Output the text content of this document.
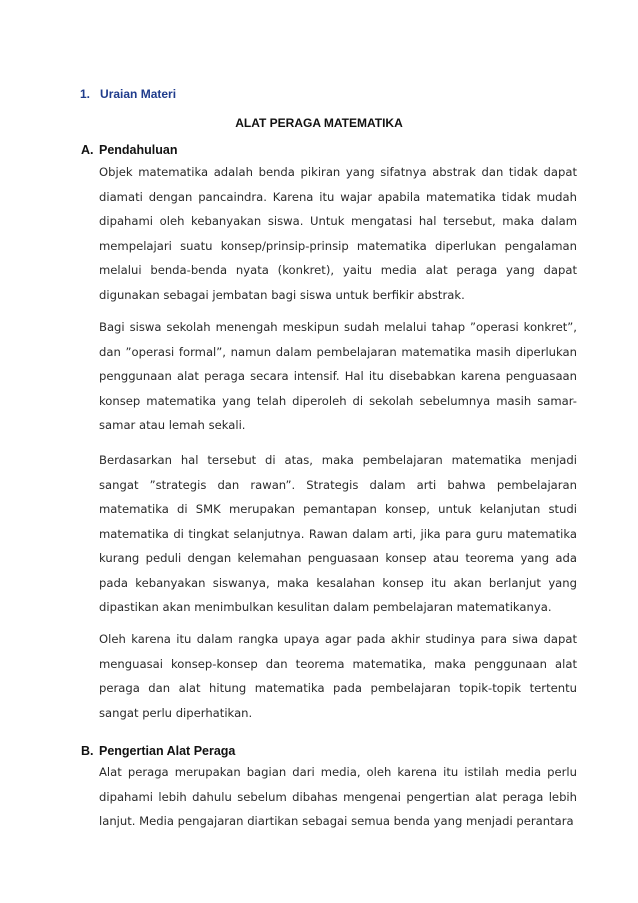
1. Uraian Materi
ALAT PERAGA MATEMATIKA
A. Pendahuluan

Objek matematika adalah benda pikiran yang sifatnya abstrak dan tidak dapat diamati dengan pancaindra. Karena itu wajar apabila matematika tidak mudah dipahami oleh kebanyakan siswa. Untuk mengatasi hal tersebut, maka dalam mempelajari suatu konsep/prinsip-prinsip matematika diperlukan pengalaman melalui benda-benda nyata (konkret), yaitu media alat peraga yang dapat digunakan sebagai jembatan bagi siswa untuk berfikir abstrak.

Bagi siswa sekolah menengah meskipun sudah melalui tahap ”operasi konkret”, dan ”operasi formal”, namun dalam pembelajaran matematika masih diperlukan penggunaan alat peraga secara intensif. Hal itu disebabkan karena penguasaan konsep matematika yang telah diperoleh di sekolah sebelumnya masih samar-samar atau lemah sekali.

Berdasarkan hal tersebut di atas, maka pembelajaran matematika menjadi sangat ”strategis dan rawan”. Strategis dalam arti bahwa pembelajaran matematika di SMK merupakan pemantapan konsep, untuk kelanjutan studi matematika di tingkat selanjutnya. Rawan dalam arti, jika para guru matematika kurang peduli dengan kelemahan penguasaan konsep atau teorema yang ada pada kebanyakan siswanya, maka kesalahan konsep itu akan berlanjut yang dipastikan akan menimbulkan kesulitan dalam pembelajaran matematikanya.

Oleh karena itu dalam rangka upaya agar pada akhir studinya para siwa dapat menguasai konsep-konsep dan teorema matematika, maka penggunaan alat peraga dan alat hitung matematika pada pembelajaran topik-topik tertentu sangat perlu diperhatikan.

B. Pengertian Alat Peraga

Alat peraga merupakan bagian dari media, oleh karena itu istilah media perlu dipahami lebih dahulu sebelum dibahas mengenai pengertian alat peraga lebih lanjut. Media pengajaran diartikan sebagai semua benda yang menjadi perantara
